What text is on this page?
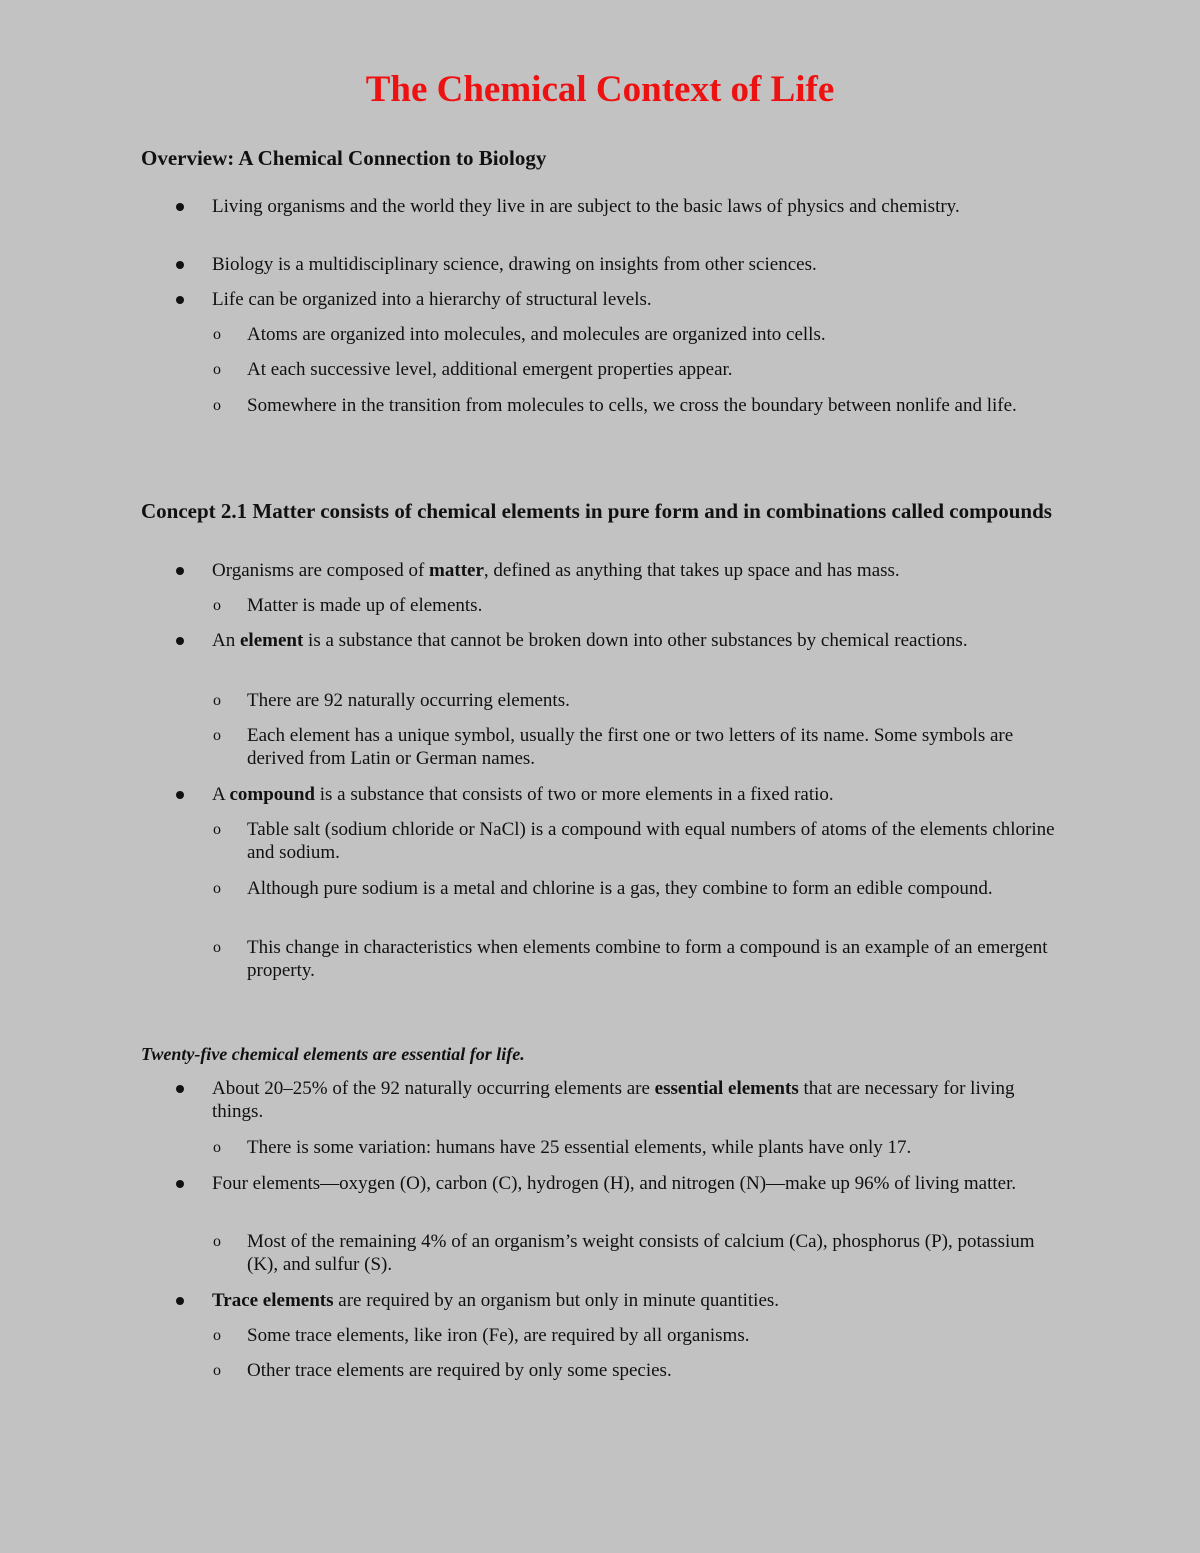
The Chemical Context of Life
Overview: A Chemical Connection to Biology

Living organisms and the world they live in are subject to the basic laws of physics and chemistry.

Biology is a multidisciplinary science, drawing on insights from other sciences.

Life can be organized into a hierarchy of structural levels.

o Atoms are organized into molecules, and molecules are organized into cells.

o At each successive level, additional emergent properties appear.

o Somewhere in the transition from molecules to cells, we cross the boundary between nonlife and life.

Concept 2.1 Matter consists of chemical elements in pure form and in combinations called compounds

Organisms are composed of matter, defined as anything that takes up space and has mass.

o Matter is made up of elements.

An element is a substance that cannot be broken down into other substances by chemical reactions.

o There are 92 naturally occurring elements.

o Each element has a unique symbol, usually the first one or two letters of its name. Some symbols are derived from Latin or German names.

A compound is a substance that consists of two or more elements in a fixed ratio.

o Table salt (sodium chloride or NaCl) is a compound with equal numbers of atoms of the elements chlorine and sodium.

o Although pure sodium is a metal and chlorine is a gas, they combine to form an edible compound.

o This change in characteristics when elements combine to form a compound is an example of an emergent property.

Twenty-five chemical elements are essential for life.

About 20–25% of the 92 naturally occurring elements are essential elements that are necessary for living things.

o There is some variation: humans have 25 essential elements, while plants have only 17.

Four elements—oxygen (O), carbon (C), hydrogen (H), and nitrogen (N)—make up 96% of living matter.

o Most of the remaining 4% of an organism’s weight consists of calcium (Ca), phosphorus (P), potassium (K), and sulfur (S).

Trace elements are required by an organism but only in minute quantities.

o Some trace elements, like iron (Fe), are required by all organisms.

o Other trace elements are required by only some species.
